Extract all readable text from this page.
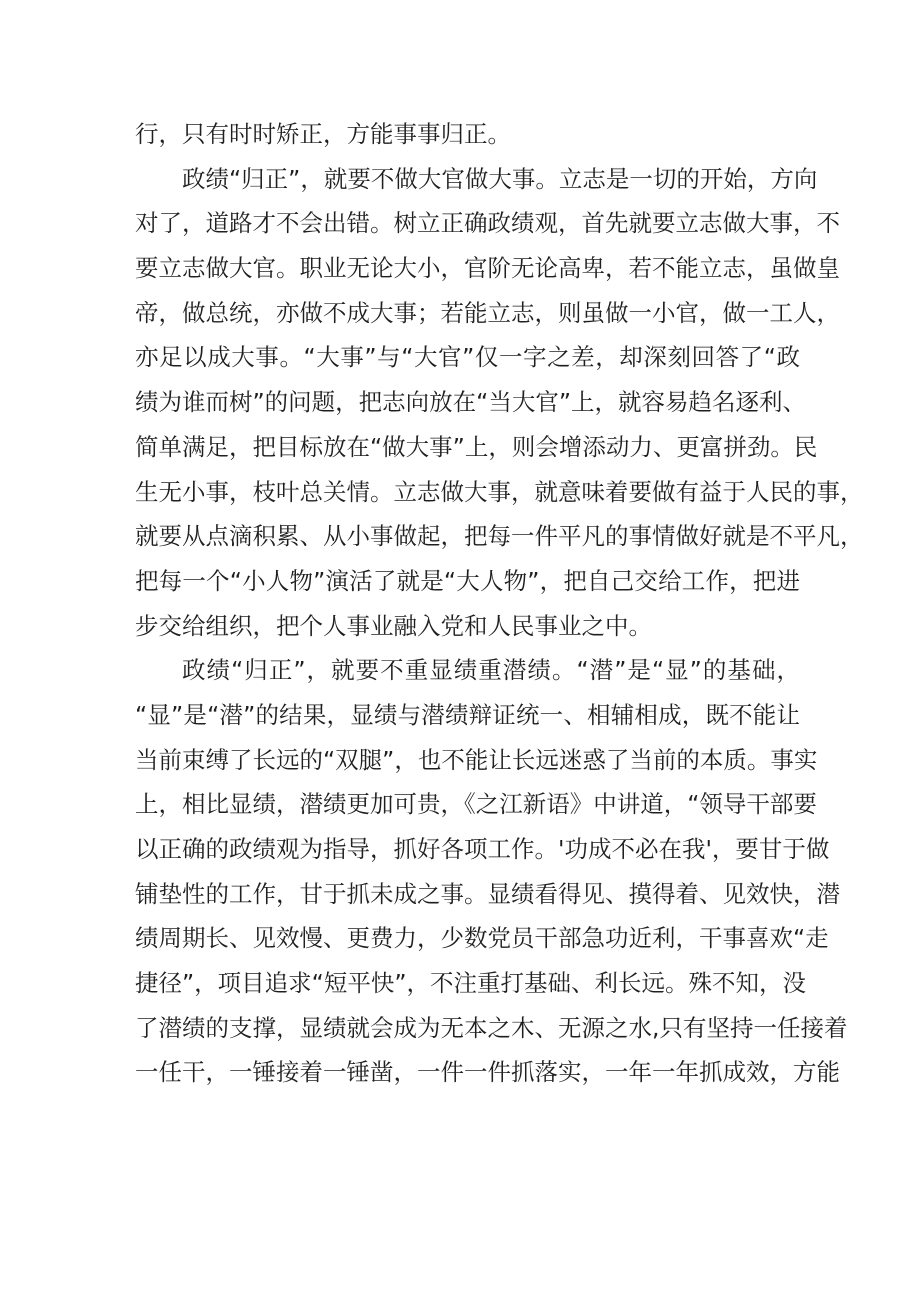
行，只有时时矫正，方能事事归正。
政绩“归正”，就要不做大官做大事。立志是一切的开始，方向
对了，道路才不会出错。树立正确政绩观，首先就要立志做大事，不
要立志做大官。职业无论大小，官阶无论高卑，若不能立志，虽做皇
帝，做总统，亦做不成大事；若能立志，则虽做一小官，做一工人，
亦足以成大事。“大事”与“大官”仅一字之差，却深刻回答了“政
绩为谁而树”的问题，把志向放在“当大官”上，就容易趋名逐利、
简单满足，把目标放在“做大事”上，则会增添动力、更富拼劲。民
生无小事，枝叶总关情。立志做大事，就意味着要做有益于人民的事，
就要从点滴积累、从小事做起，把每一件平凡的事情做好就是不平凡，
把每一个“小人物”演活了就是“大人物”，把自己交给工作，把进
步交给组织，把个人事业融入党和人民事业之中。
政绩“归正”，就要不重显绩重潜绩。“潜”是“显”的基础，
“显”是“潜”的结果，显绩与潜绩辩证统一、相辅相成，既不能让
当前束缚了长远的“双腿”，也不能让长远迷惑了当前的本质。事实
上，相比显绩，潜绩更加可贵，《之江新语》中讲道，“领导干部要
以正确的政绩观为指导，抓好各项工作。'功成不必在我'，要甘于做
铺垫性的工作，甘于抓未成之事。显绩看得见、摸得着、见效快，潜
绩周期长、见效慢、更费力，少数党员干部急功近利，干事喜欢“走
捷径”，项目追求“短平快”，不注重打基础、利长远。殊不知，没
了潜绩的支撑，显绩就会成为无本之木、无源之水,只有坚持一任接着
一任干，一锤接着一锤凿，一件一件抓落实，一年一年抓成效，方能
